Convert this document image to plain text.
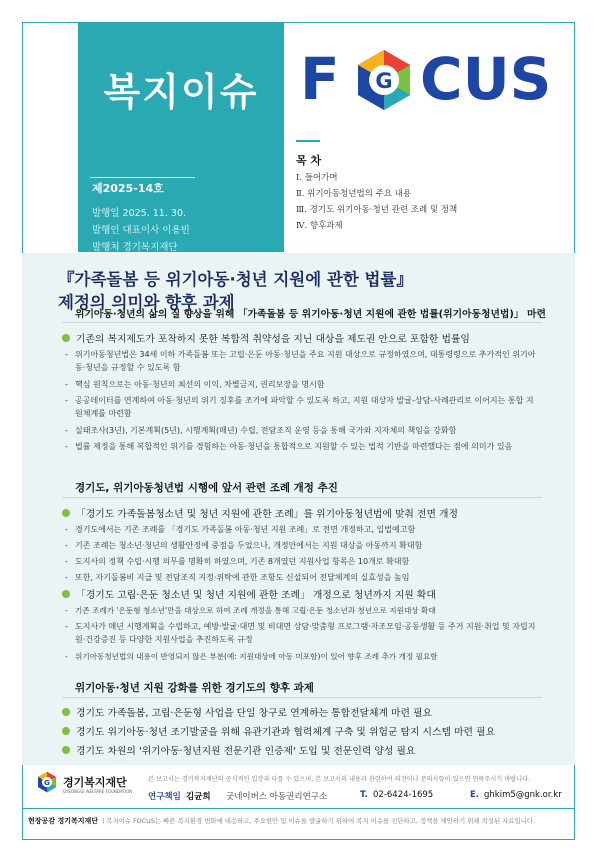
복지이슈
제2025-14호
발행일 2025. 11. 30.
발행인 대표이사 이용빈
발행처 경기복지재단
F G CUS
목 차
Ⅰ. 들어가며
Ⅱ. 위기아동청년법의 주요 내용
Ⅲ. 경기도 위기아동·청년 관련 조례 및 정책
Ⅳ. 향후과제
『가족돌봄 등 위기아동·청년 지원에 관한 법률』
제정의 의미와 향후 과제
위기아동·청년의 삶의 질 향상을 위해 「가족돌봄 등 위기아동·청년 지원에 관한 법률(위기아동청년법)」 마련
기존의 복지제도가 포착하지 못한 복합적 취약성을 지닌 대상을 제도권 안으로 포함한 법률임
- 위기아동청년법은 34세 이하 가족돌봄 또는 고립·은둔 아동·청년을 주요 지원 대상으로 규정하였으며, 대통령령으로 추가적인 위기아동·청년을 규정할 수 있도록 함
- 핵심 원칙으로는 아동·청년의 최선의 이익, 차별금지, 권리보장을 명시함
- 공공데이터를 연계하여 아동·청년의 위기 징후를 조기에 파악할 수 있도록 하고, 지원 대상자 발굴-상담-사례관리로 이어지는 통합 지원체계를 마련함
- 실태조사(3년), 기본계획(5년), 시행계획(매년) 수립, 전담조직 운영 등을 통해 국가와 지자체의 책임을 강화함
- 법률 제정을 통해 복합적인 위기를 경험하는 아동·청년을 통합적으로 지원할 수 있는 법적 기반을 마련했다는 점에 의미가 있음
경기도, 위기아동청년법 시행에 앞서 관련 조례 개정 추진
「경기도 가족돌봄청소년 및 청년 지원에 관한 조례」를 위기아동청년법에 맞춰 전면 개정
- 경기도에서는 기존 조례를 「경기도 가족돌봄 아동·청년 지원 조례」로 전면 개정하고, 입법예고함
- 기존 조례는 청소년·청년의 생활안정에 중점을 두었으나, 개정안에서는 지원 대상을 아동까지 확대함
- 도지사의 정책 수립·시행 의무를 명확히 하였으며, 기존 8개였던 지원사업 항목은 10개로 확대함
- 또한, 자기돌봄비 지급 및 전담조직 지정·위탁에 관한 조항도 신설되어 전달체계의 실효성을 높임
「경기도 고립·은둔 청소년 및 청년 지원에 관한 조례」 개정으로 청년까지 지원 확대
- 기존 조례가 '은둔형 청소년'만을 대상으로 하여 조례 개정을 통해 고립·은둔 청소년과 청년으로 지원대상 확대
- 도지사가 매년 시행계획을 수립하고, 예방·발굴·대면 및 비대면 상담·맞춤형 프로그램·자조모임·공동생활 등 주거 지원·취업 및 자립지원·건강증진 등 다양한 지원사업을 추진하도록 규정
- 위기아동청년법의 내용이 반영되지 않은 부분(예: 지원대상에 아동 미포함)이 있어 향후 조례 추가 개정 필요함
위기아동·청년 지원 강화를 위한 경기도의 향후 과제
경기도 가족돌봄, 고립·은둔형 사업을 단일 창구로 연계하는 통합전달체계 마련 필요
경기도 위기아동·청년 조기발굴을 위해 유관기관과 협력체계 구축 및 위험군 탐지 시스템 마련 필요
경기도 차원의 '위기아동·청년지원 전문기관 인증제' 도입 및 전문인력 양성 필요
G 경기복지재단
GYEONGGI WELFARE FOUNDATION
본 보고서는 경기복지재단의 공식적인 입장과 다를 수 있으며, 본 보고서의 내용과 관련하여 의견이나 문의사항이 있으면 연락주시기 바랍니다.
연구책임 김균희 굿네이버스 아동권리연구소	T. 02-6424-1695	E. ghkim5@gnk.or.kr
현장공감 경기복지재단 ㅣ복지이슈 FOCUS는 빠른 복지환경 변화에 대응하고, 주요현안 및 이슈를 발굴하기 위하여 복지 이슈를 진단하고, 정책을 제안하기 위해 작성된 자료입니다.
